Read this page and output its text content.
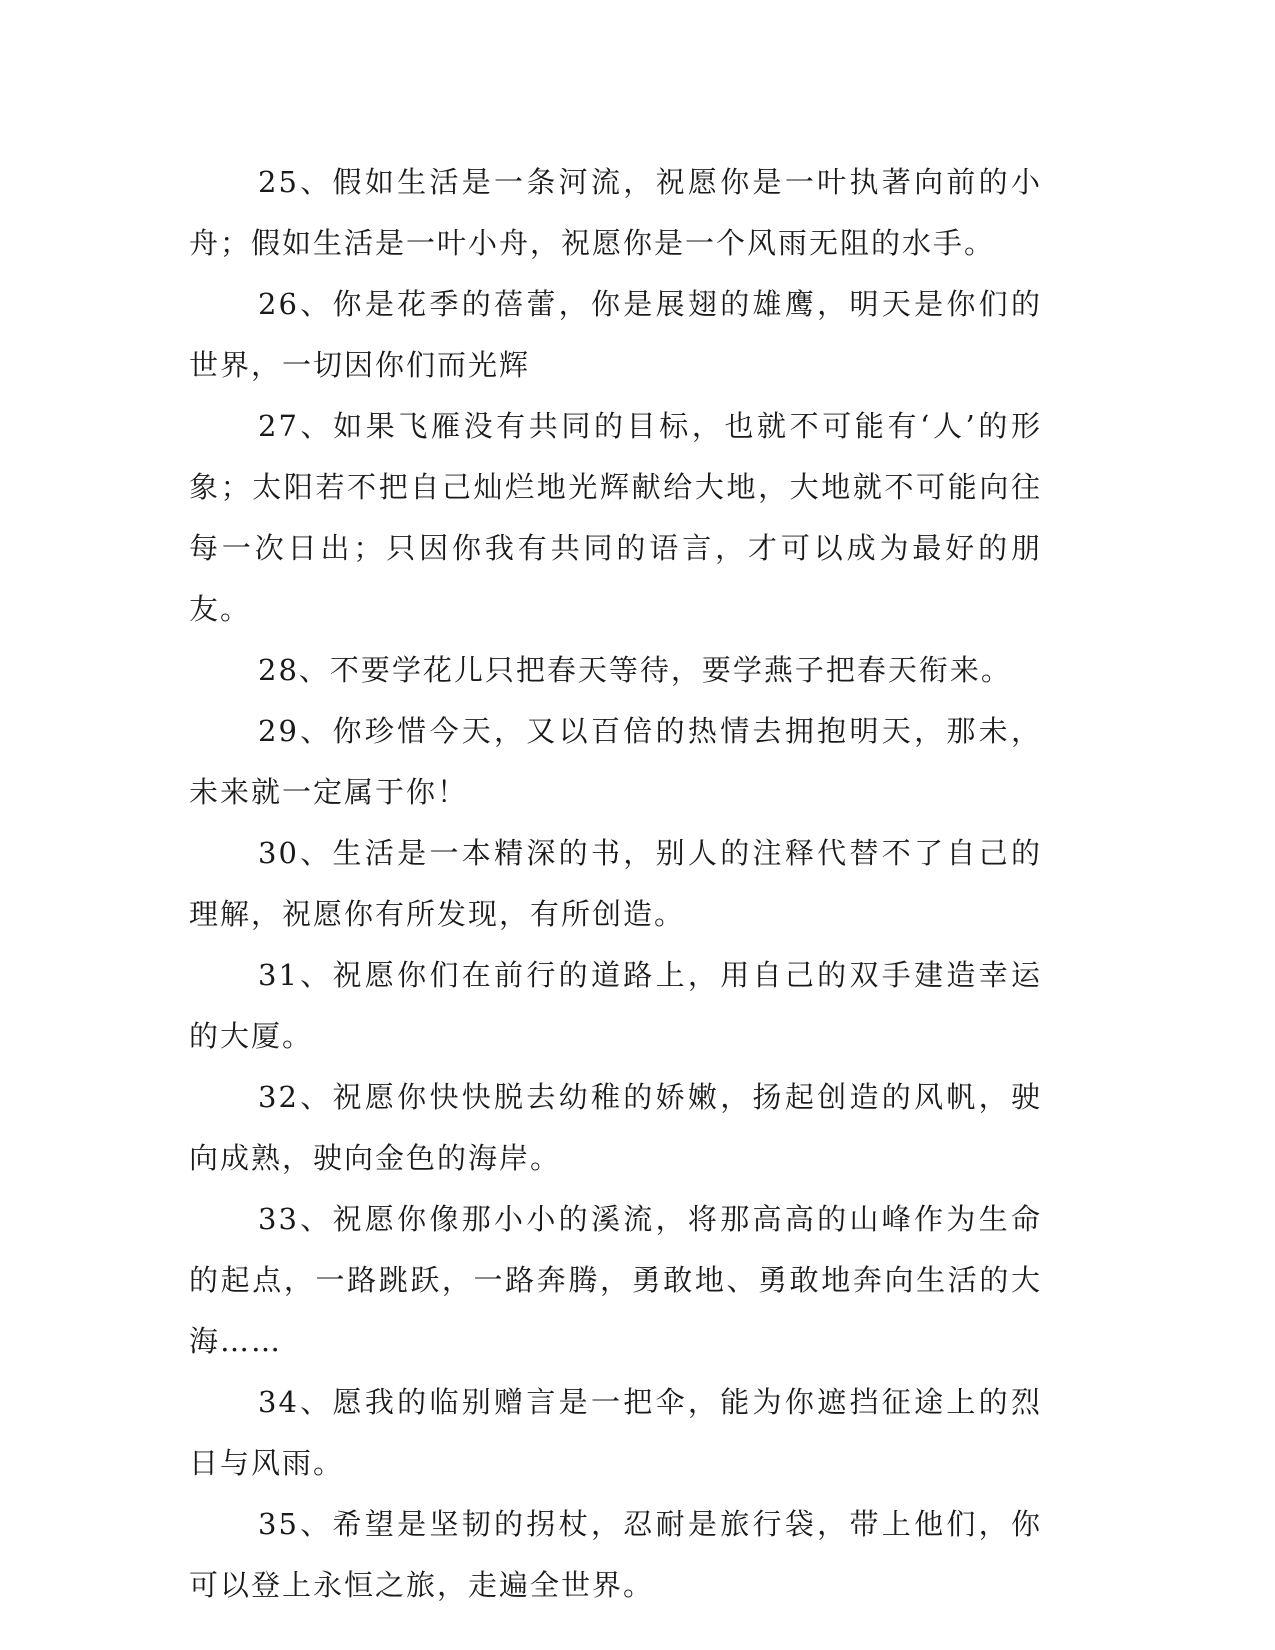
25、假如生活是一条河流，祝愿你是一叶执著向前的小舟；假如生活是一叶小舟，祝愿你是一个风雨无阻的水手。

26、你是花季的蓓蕾，你是展翅的雄鹰，明天是你们的世界，一切因你们而光辉

27、如果飞雁没有共同的目标，也就不可能有‘人’的形象；太阳若不把自己灿烂地光辉献给大地，大地就不可能向往每一次日出；只因你我有共同的语言，才可以成为最好的朋友。

28、不要学花儿只把春天等待，要学燕子把春天衔来。

29、你珍惜今天，又以百倍的热情去拥抱明天，那未，未来就一定属于你！

30、生活是一本精深的书，别人的注释代替不了自己的理解，祝愿你有所发现，有所创造。

31、祝愿你们在前行的道路上，用自己的双手建造幸运的大厦。

32、祝愿你快快脱去幼稚的娇嫩，扬起创造的风帆，驶向成熟，驶向金色的海岸。

33、祝愿你像那小小的溪流，将那高高的山峰作为生命的起点，一路跳跃，一路奔腾，勇敢地、勇敢地奔向生活的大海……

34、愿我的临别赠言是一把伞，能为你遮挡征途上的烈日与风雨。

35、希望是坚韧的拐杖，忍耐是旅行袋，带上他们，你可以登上永恒之旅，走遍全世界。
